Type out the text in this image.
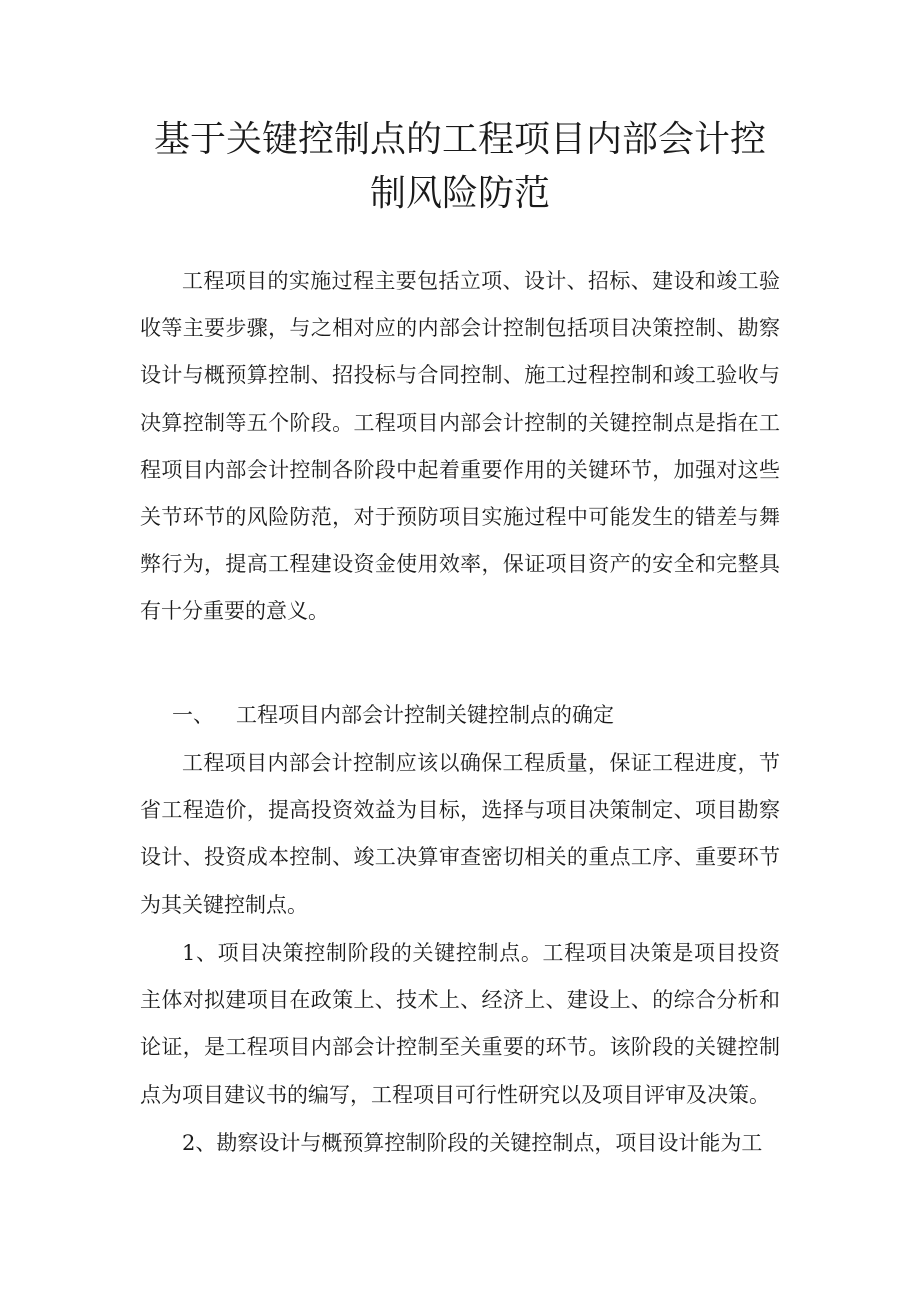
基于关键控制点的工程项目内部会计控制风险防范

工程项目的实施过程主要包括立项、设计、招标、建设和竣工验收等主要步骤，与之相对应的内部会计控制包括项目决策控制、勘察设计与概预算控制、招投标与合同控制、施工过程控制和竣工验收与决算控制等五个阶段。工程项目内部会计控制的关键控制点是指在工程项目内部会计控制各阶段中起着重要作用的关键环节，加强对这些关节环节的风险防范，对于预防项目实施过程中可能发生的错差与舞弊行为，提高工程建设资金使用效率，保证项目资产的安全和完整具有十分重要的意义。

一、 工程项目内部会计控制关键控制点的确定

工程项目内部会计控制应该以确保工程质量，保证工程进度，节省工程造价，提高投资效益为目标，选择与项目决策制定、项目勘察设计、投资成本控制、竣工决算审查密切相关的重点工序、重要环节为其关键控制点。

1、项目决策控制阶段的关键控制点。工程项目决策是项目投资主体对拟建项目在政策上、技术上、经济上、建设上、的综合分析和论证，是工程项目内部会计控制至关重要的环节。该阶段的关键控制点为项目建议书的编写，工程项目可行性研究以及项目评审及决策。

2、勘察设计与概预算控制阶段的关键控制点，项目设计能为工
